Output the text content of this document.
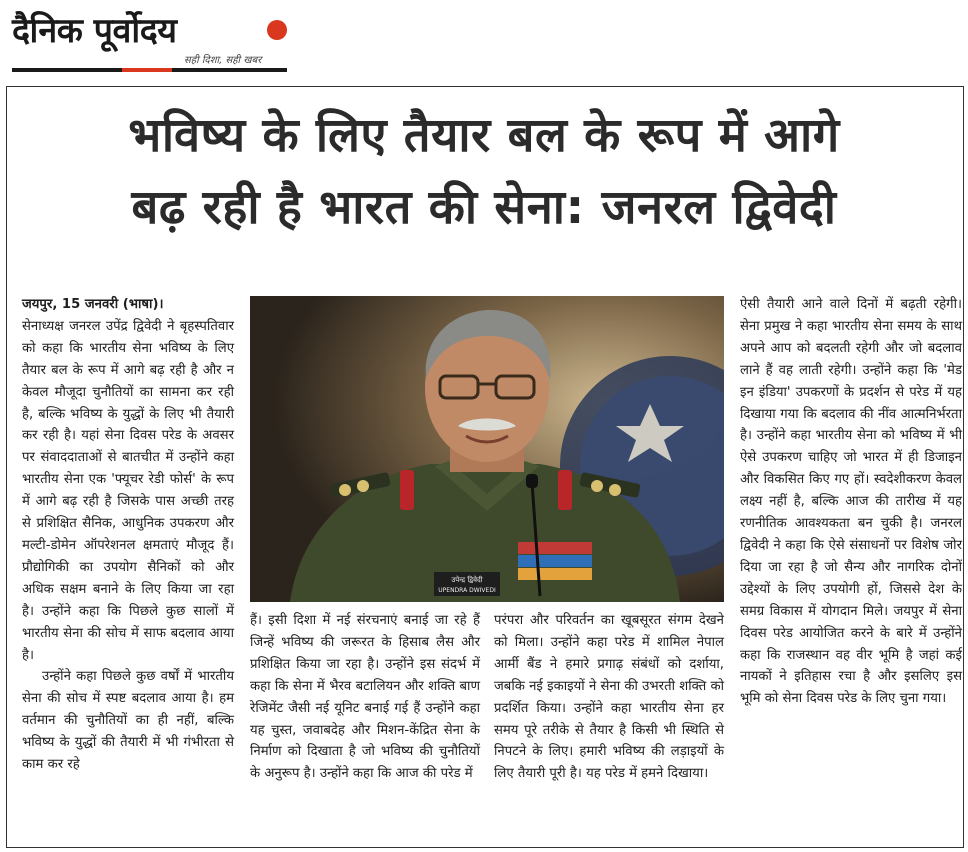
दैनिक पूर्वोदय
सही दिशा, सही खबर
भविष्य के लिए तैयार बल के रूप में आगे
बढ़ रही है भारत की सेना: जनरल द्विवेदी

जयपुर, 15 जनवरी (भाषा)।
सेनाध्यक्ष जनरल उपेंद्र द्विवेदी ने बृहस्पतिवार को कहा कि भारतीय सेना भविष्य के लिए तैयार बल के रूप में आगे बढ़ रही है और न केवल मौजूदा चुनौतियों का सामना कर रही है, बल्कि भविष्य के युद्धों के लिए भी तैयारी कर रही है। यहां सेना दिवस परेड के अवसर पर संवाददाताओं से बातचीत में उन्होंने कहा भारतीय सेना एक 'फ्यूचर रेडी फोर्स' के रूप में आगे बढ़ रही है जिसके पास अच्छी तरह से प्रशिक्षित सैनिक, आधुनिक उपकरण और मल्टी-डोमेन ऑपरेशनल क्षमताएं मौजूद हैं। प्रौद्योगिकी का उपयोग सैनिकों को और अधिक सक्षम बनाने के लिए किया जा रहा है। उन्होंने कहा कि पिछले कुछ सालों में भारतीय सेना की सोच में साफ बदलाव आया है।

उन्होंने कहा पिछले कुछ वर्षों में भारतीय सेना की सोच में स्पष्ट बदलाव आया है। हम वर्तमान की चुनौतियों का ही नहीं, बल्कि भविष्य के युद्धों की तैयारी में भी गंभीरता से काम कर रहे

उपेन्द्र द्विवेदी
UPENDRA DWIVEDI

हैं। इसी दिशा में नई संरचनाएं बनाई जा रहे हैं जिन्हें भविष्य की जरूरत के हिसाब लैस और प्रशिक्षित किया जा रहा है। उन्होंने इस संदर्भ में कहा कि सेना में भैरव बटालियन और शक्ति बाण रेजिमेंट जैसी नई यूनिट बनाई गई हैं उन्होंने कहा यह चुस्त, जवाबदेह और मिशन-केंद्रित सेना के निर्माण को दिखाता है जो भविष्य की चुनौतियों के अनुरूप है। उन्होंने कहा कि आज की परेड में

परंपरा और परिवर्तन का खूबसूरत संगम देखने को मिला। उन्होंने कहा परेड में शामिल नेपाल आर्मी बैंड ने हमारे प्रगाढ़ संबंधों को दर्शाया, जबकि नई इकाइयों ने सेना की उभरती शक्ति को प्रदर्शित किया। उन्होंने कहा भारतीय सेना हर समय पूरे तरीके से तैयार है किसी भी स्थिति से निपटने के लिए। हमारी भविष्य की लड़ाइयों के लिए तैयारी पूरी है। यह परेड में हमने दिखाया।

ऐसी तैयारी आने वाले दिनों में बढ़ती रहेगी। सेना प्रमुख ने कहा भारतीय सेना समय के साथ अपने आप को बदलती रहेगी और जो बदलाव लाने हैं वह लाती रहेगी। उन्होंने कहा कि 'मेड इन इंडिया' उपकरणों के प्रदर्शन से परेड में यह दिखाया गया कि बदलाव की नींव आत्मनिर्भरता है। उन्होंने कहा भारतीय सेना को भविष्य में भी ऐसे उपकरण चाहिए जो भारत में ही डिजाइन और विकसित किए गए हों। स्वदेशीकरण केवल लक्ष्य नहीं है, बल्कि आज की तारीख में यह रणनीतिक आवश्यकता बन चुकी है। जनरल द्विवेदी ने कहा कि ऐसे संसाधनों पर विशेष जोर दिया जा रहा है जो सैन्य और नागरिक दोनों उद्देश्यों के लिए उपयोगी हों, जिससे देश के समग्र विकास में योगदान मिले। जयपुर में सेना दिवस परेड आयोजित करने के बारे में उन्होंने कहा कि राजस्थान वह वीर भूमि है जहां कई नायकों ने इतिहास रचा है और इसलिए इस भूमि को सेना दिवस परेड के लिए चुना गया।
